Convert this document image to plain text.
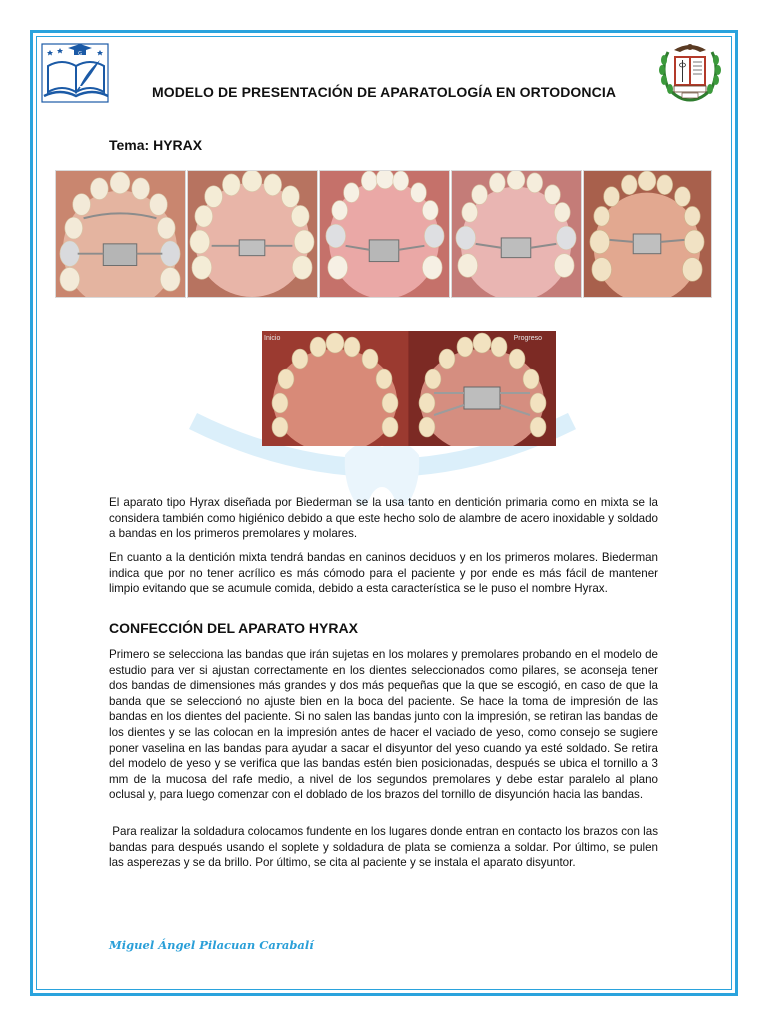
G
MODELO DE PRESENTACIÓN DE APARATOLOGÍA EN ORTODONCIA
Tema: HYRAX
Inicio	Progreso

El aparato tipo Hyrax diseñada por Biederman se la usa tanto en dentición primaria como en mixta se la considera también como higiénico debido a que este hecho solo de alambre de acero inoxidable y soldado a bandas en los primeros premolares y molares.

En cuanto a la dentición mixta tendrá bandas en caninos deciduos y en los primeros molares. Biederman indica que por no tener acrílico es más cómodo para el paciente y por ende es más fácil de mantener limpio evitando que se acumule comida, debido a esta característica se le puso el nombre Hyrax.

CONFECCIÓN DEL APARATO HYRAX

Primero se selecciona las bandas que irán sujetas en los molares y premolares probando en el modelo de estudio para ver si ajustan correctamente en los dientes seleccionados como pilares, se aconseja tener dos bandas de dimensiones más grandes y dos más pequeñas que la que se escogió, en caso de que la banda que se seleccionó no ajuste bien en la boca del paciente. Se hace la toma de impresión de las bandas en los dientes del paciente. Si no salen las bandas junto con la impresión, se retiran las bandas de los dientes y se las colocan en la impresión antes de hacer el vaciado de yeso, como consejo se sugiere poner vaselina en las bandas para ayudar a sacar el disyuntor del yeso cuando ya esté soldado. Se retira del modelo de yeso y se verifica que las bandas estén bien posicionadas, después se ubica el tornillo a 3 mm de la mucosa del rafe medio, a nivel de los segundos premolares y debe estar paralelo al plano oclusal y, para luego comenzar con el doblado de los brazos del tornillo de disyunción hacia las bandas.

Para realizar la soldadura colocamos fundente en los lugares donde entran en contacto los brazos con las bandas para después usando el soplete y soldadura de plata se comienza a soldar. Por último, se pulen las asperezas y se da brillo. Por último, se cita al paciente y se instala el aparato disyuntor.

Miguel Ángel Pilacuan Carabalí
